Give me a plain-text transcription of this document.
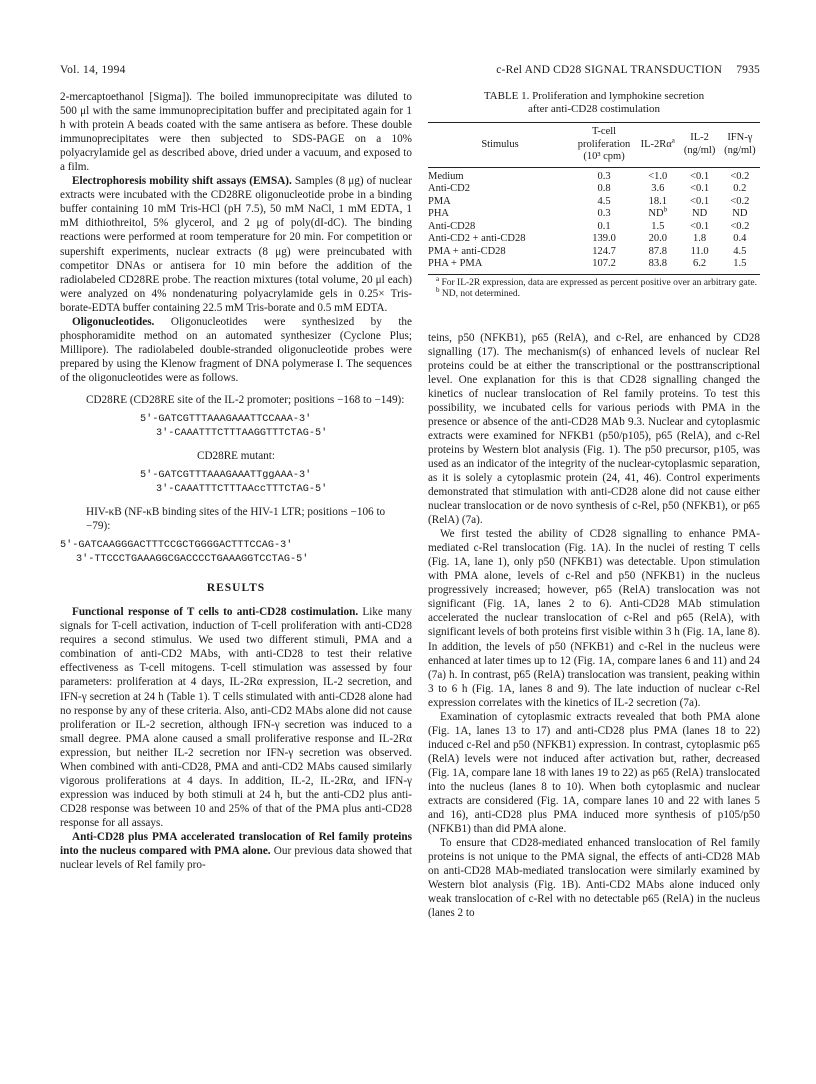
Vol. 14, 1994	c-Rel AND CD28 SIGNAL TRANSDUCTION 7935

2-mercaptoethanol [Sigma]). The boiled immunoprecipitate was diluted to 500 μl with the same immunoprecipitation buffer and precipitated again for 1 h with protein A beads coated with the same antisera as before. These double immunoprecipitates were then subjected to SDS-PAGE on a 10% polyacrylamide gel as described above, dried under a vacuum, and exposed to a film.

Electrophoresis mobility shift assays (EMSA). Samples (8 μg) of nuclear extracts were incubated with the CD28RE oligonucleotide probe in a binding buffer containing 10 mM Tris-HCl (pH 7.5), 50 mM NaCl, 1 mM EDTA, 1 mM dithiothreitol, 5% glycerol, and 2 μg of poly(dI-dC). The binding reactions were performed at room temperature for 20 min. For competition or supershift experiments, nuclear extracts (8 μg) were preincubated with competitor DNAs or antisera for 10 min before the addition of the radiolabeled CD28RE probe. The reaction mixtures (total volume, 20 μl each) were analyzed on 4% nondenaturing polyacrylamide gels in 0.25× Tris-borate-EDTA buffer containing 22.5 mM Tris-borate and 0.5 mM EDTA.

Oligonucleotides. Oligonucleotides were synthesized by the phosphoramidite method on an automated synthesizer (Cyclone Plus; Millipore). The radiolabeled double-stranded oligonucleotide probes were prepared by using the Klenow fragment of DNA polymerase I. The sequences of the oligonucleotides were as follows.

CD28RE (CD28RE site of the IL-2 promoter; positions −168 to −149):
5′-GATCGTTTAAAGAAATTCCAAA-3′
3′-CAAATTTCTTTAAGGTTTCTAG-5′
CD28RE mutant:
5′-GATCGTTTAAAGAAATTggAAA-3′
3′-CAAATTTCTTTAAccTTTCTAG-5′
HIV-κB (NF-κB binding sites of the HIV-1 LTR; positions −106 to −79):
5′-GATCAAGGGACTTTCCGCTGGGGACTTTCCAG-3′
3′-TTCCCTGAAAGGCGACCCCTGAAAGGTCCTAG-5′
RESULTS

Functional response of T cells to anti-CD28 costimulation. Like many signals for T-cell activation, induction of T-cell proliferation with anti-CD28 requires a second stimulus. We used two different stimuli, PMA and a combination of anti-CD2 MAbs, with anti-CD28 to test their relative effectiveness as T-cell mitogens. T-cell stimulation was assessed by four parameters: proliferation at 4 days, IL-2Rα expression, IL-2 secretion, and IFN-γ secretion at 24 h (Table 1). T cells stimulated with anti-CD28 alone had no response by any of these criteria. Also, anti-CD2 MAbs alone did not cause proliferation or IL-2 secretion, although IFN-γ secretion was induced to a small degree. PMA alone caused a small proliferative response and IL-2Rα expression, but neither IL-2 secretion nor IFN-γ secretion was observed. When combined with anti-CD28, PMA and anti-CD2 MAbs caused similarly vigorous proliferations at 4 days. In addition, IL-2, IL-2Rα, and IFN-γ expression was induced by both stimuli at 24 h, but the anti-CD2 plus anti-CD28 response was between 10 and 25% of that of the PMA plus anti-CD28 response for all assays.

Anti-CD28 plus PMA accelerated translocation of Rel family proteins into the nucleus compared with PMA alone. Our previous data showed that nuclear levels of Rel family pro-

TABLE 1. Proliferation and lymphokine secretion
after anti-CD28 costimulation
Stimulus	T-cell
proliferation
(10³ cpm)	$IL-2R\alpha^a$	IL-2
(ng/ml)	IFN-γ
(ng/ml)
Medium	0.3	<1.0	<0.1	<0.2
Anti-CD2	0.8	3.6	<0.1	0.2
PMA	4.5	18.1	<0.1	<0.2
PHA	0.3	$ND^b$	ND	ND
Anti-CD28	0.1	1.5	<0.1	<0.2
Anti-CD2 + anti-CD28	139.0	20.0	1.8	0.4
PMA + anti-CD28	124.7	87.8	11.0	4.5
PHA + PMA	107.2	83.8	6.2	1.5

$^a$ For IL-2R expression, data are expressed as percent positive over an arbitrary gate.

$^b$ ND, not determined.

teins, p50 (NFKB1), p65 (RelA), and c-Rel, are enhanced by CD28 signalling (17). The mechanism(s) of enhanced levels of nuclear Rel proteins could be at either the transcriptional or the posttranscriptional level. One explanation for this is that CD28 signalling changed the kinetics of nuclear translocation of Rel family proteins. To test this possibility, we incubated cells for various periods with PMA in the presence or absence of the anti-CD28 MAb 9.3. Nuclear and cytoplasmic extracts were examined for NFKB1 (p50/p105), p65 (RelA), and c-Rel proteins by Western blot analysis (Fig. 1). The p50 precursor, p105, was used as an indicator of the integrity of the nuclear-cytoplasmic separation, as it is solely a cytoplasmic protein (24, 41, 46). Control experiments demonstrated that stimulation with anti-CD28 alone did not cause either nuclear translocation or de novo synthesis of c-Rel, p50 (NFKB1), or p65 (RelA) (7a).

We first tested the ability of CD28 signalling to enhance PMA-mediated c-Rel translocation (Fig. 1A). In the nuclei of resting T cells (Fig. 1A, lane 1), only p50 (NFKB1) was detectable. Upon stimulation with PMA alone, levels of c-Rel and p50 (NFKB1) in the nucleus progressively increased; however, p65 (RelA) translocation was not significant (Fig. 1A, lanes 2 to 6). Anti-CD28 MAb stimulation accelerated the nuclear translocation of c-Rel and p65 (RelA), with significant levels of both proteins first visible within 3 h (Fig. 1A, lane 8). In addition, the levels of p50 (NFKB1) and c-Rel in the nucleus were enhanced at later times up to 12 (Fig. 1A, compare lanes 6 and 11) and 24 (7a) h. In contrast, p65 (RelA) translocation was transient, peaking within 3 to 6 h (Fig. 1A, lanes 8 and 9). The late induction of nuclear c-Rel expression correlates with the kinetics of IL-2 secretion (7a).

Examination of cytoplasmic extracts revealed that both PMA alone (Fig. 1A, lanes 13 to 17) and anti-CD28 plus PMA (lanes 18 to 22) induced c-Rel and p50 (NFKB1) expression. In contrast, cytoplasmic p65 (RelA) levels were not induced after activation but, rather, decreased (Fig. 1A, compare lane 18 with lanes 19 to 22) as p65 (RelA) translocated into the nucleus (lanes 8 to 10). When both cytoplasmic and nuclear extracts are considered (Fig. 1A, compare lanes 10 and 22 with lanes 5 and 16), anti-CD28 plus PMA induced more synthesis of p105/p50 (NFKB1) than did PMA alone.

To ensure that CD28-mediated enhanced translocation of Rel family proteins is not unique to the PMA signal, the effects of anti-CD28 MAb on anti-CD28 MAb-mediated translocation were similarly examined by Western blot analysis (Fig. 1B). Anti-CD2 MAbs alone induced only weak translocation of c-Rel with no detectable p65 (RelA) in the nucleus (lanes 2 to
